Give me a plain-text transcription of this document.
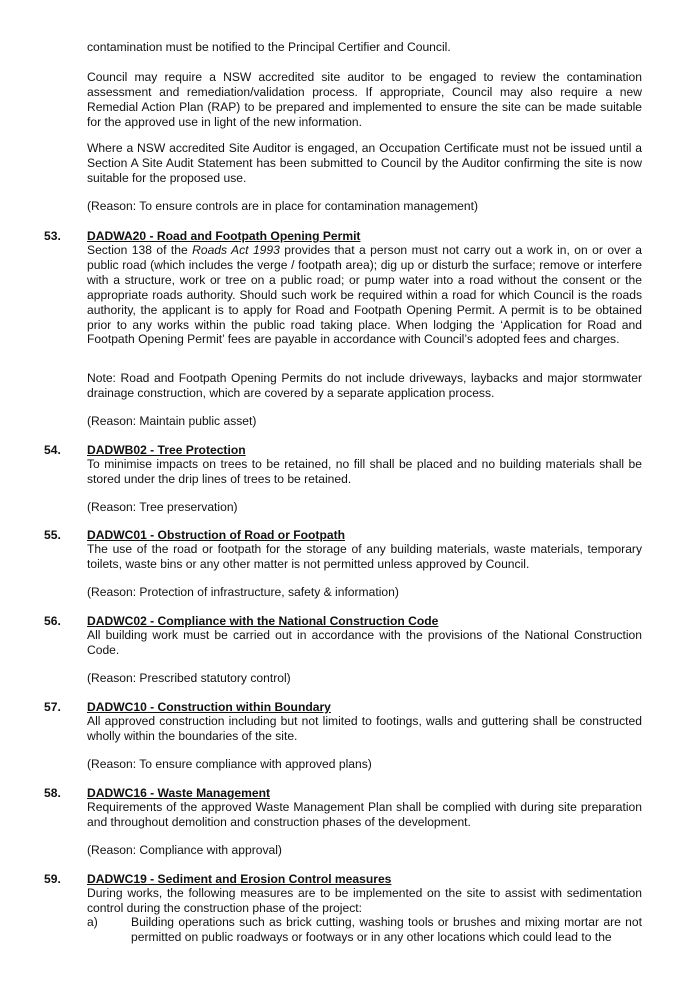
contamination must be notified to the Principal Certifier and Council.
Council may require a NSW accredited site auditor to be engaged to review the contamination assessment and remediation/validation process. If appropriate, Council may also require a new Remedial Action Plan (RAP) to be prepared and implemented to ensure the site can be made suitable for the approved use in light of the new information.
Where a NSW accredited Site Auditor is engaged, an Occupation Certificate must not be issued until a Section A Site Audit Statement has been submitted to Council by the Auditor confirming the site is now suitable for the proposed use.
(Reason: To ensure controls are in place for contamination management)
53. DADWA20 - Road and Footpath Opening Permit
Section 138 of the Roads Act 1993 provides that a person must not carry out a work in, on or over a public road (which includes the verge / footpath area); dig up or disturb the surface; remove or interfere with a structure, work or tree on a public road; or pump water into a road without the consent or the appropriate roads authority. Should such work be required within a road for which Council is the roads authority, the applicant is to apply for Road and Footpath Opening Permit. A permit is to be obtained prior to any works within the public road taking place. When lodging the ‘Application for Road and Footpath Opening Permit’ fees are payable in accordance with Council’s adopted fees and charges.
Note: Road and Footpath Opening Permits do not include driveways, laybacks and major stormwater drainage construction, which are covered by a separate application process.
(Reason: Maintain public asset)
54. DADWB02 - Tree Protection
To minimise impacts on trees to be retained, no fill shall be placed and no building materials shall be stored under the drip lines of trees to be retained.
(Reason: Tree preservation)
55. DADWC01 - Obstruction of Road or Footpath
The use of the road or footpath for the storage of any building materials, waste materials, temporary toilets, waste bins or any other matter is not permitted unless approved by Council.
(Reason: Protection of infrastructure, safety & information)
56. DADWC02 - Compliance with the National Construction Code
All building work must be carried out in accordance with the provisions of the National Construction Code.
(Reason: Prescribed statutory control)
57. DADWC10 - Construction within Boundary
All approved construction including but not limited to footings, walls and guttering shall be constructed wholly within the boundaries of the site.
(Reason: To ensure compliance with approved plans)
58. DADWC16 - Waste Management
Requirements of the approved Waste Management Plan shall be complied with during site preparation and throughout demolition and construction phases of the development.
(Reason: Compliance with approval)
59. DADWC19 - Sediment and Erosion Control measures
During works, the following measures are to be implemented on the site to assist with sedimentation control during the construction phase of the project:
a)	Building operations such as brick cutting, washing tools or brushes and mixing mortar are not permitted on public roadways or footways or in any other locations which could lead to the
